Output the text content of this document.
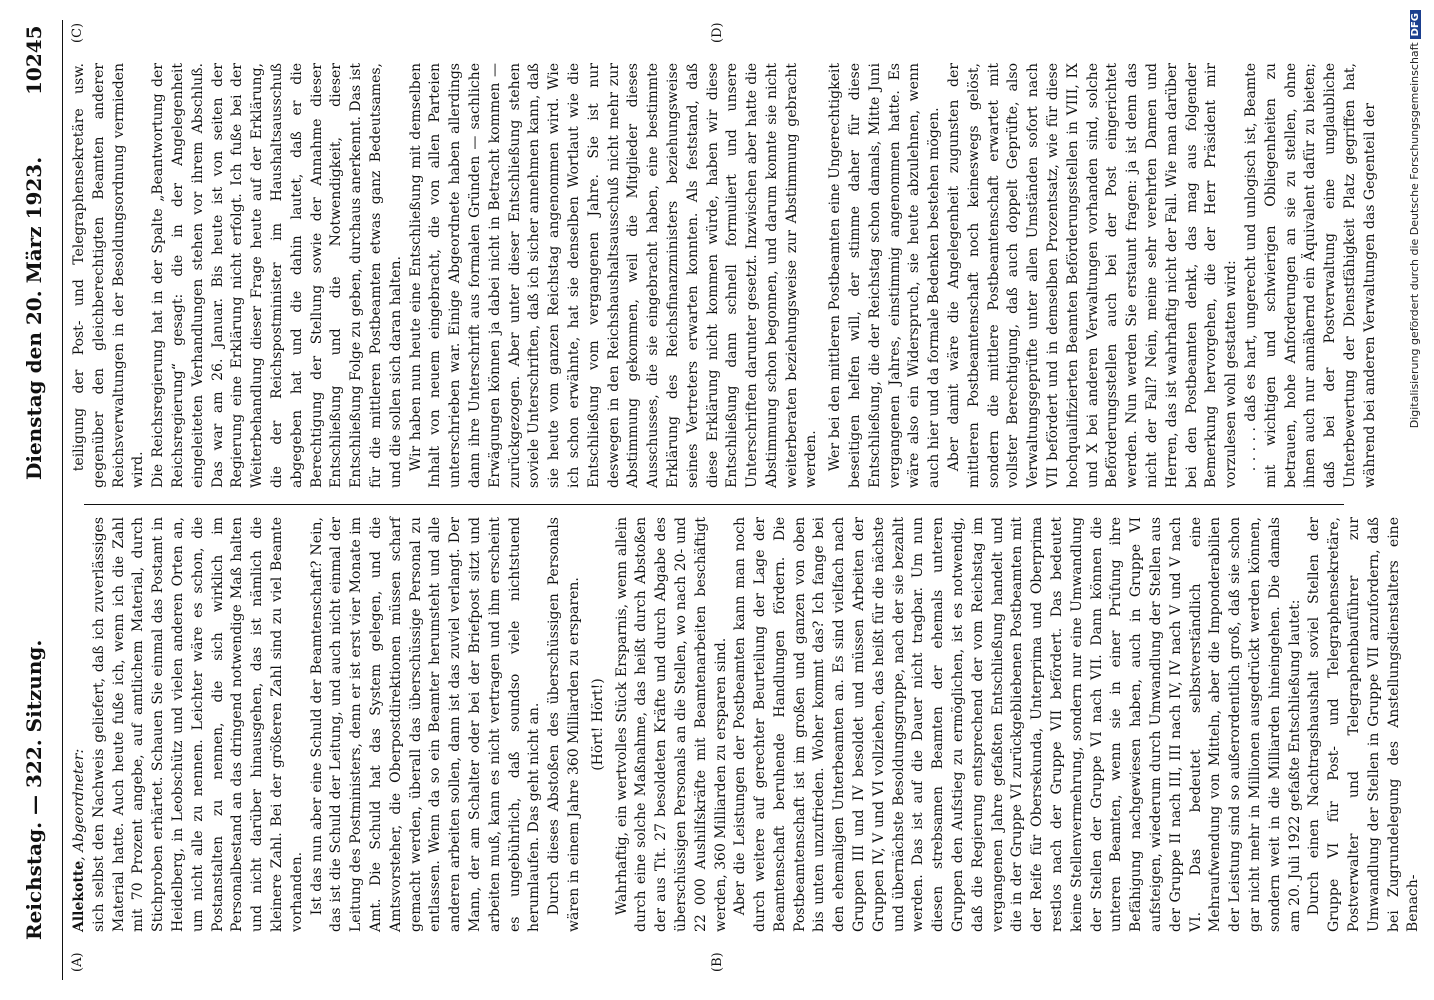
Reichstag. — 322. Sitzung.
Dienstag den 20. März 1923.
10245
(A)	(B)
(C)	(D)

Allekotte, Abgeordneter: sich selbst den Nachweis geliefert, daß ich zuverlässiges Material hatte. Auch heute fuße ich, wenn ich die Zahl mit 70 Prozent angebe, auf amtlichem Material, durch Stichproben erhärtet. Schauen Sie einmal das Postamt in Heidelberg, in Leobschütz und vielen anderen Orten an, um nicht alle zu nennen. Leichter wäre es schon, die Postanstalten zu nennen, die sich wirklich im Personalbestand an das dringend notwendige Maß halten und nicht darüber hinausgehen, das ist nämlich die kleinere Zahl. Bei der größeren Zahl sind zu viel Beamte vorhanden. Ist das nun aber eine Schuld der Beamtenschaft? Nein, das ist die Schuld der Leitung, und auch nicht einmal der Leitung des Postministers, denn er ist erst vier Monate im Amt. Die Schuld hat das System gelegen, und die Amtsvorsteher, die Oberpostdirektionen müssen scharf gemacht werden, überall das überschüssige Personal zu entlassen. Wenn da so ein Beamter herumsteht und alle anderen arbeiten sollen, dann ist das zuviel verlangt. Der Mann, der am Schalter oder bei der Briefpost sitzt und arbeiten muß, kann es nicht vertragen und ihm erscheint es ungebührlich, daß soundso viele nichtstuend herumlaufen. Das geht nicht an. Durch dieses Abstoßen des überschüssigen Personals wären in einem Jahre 360 Milliarden zu ersparen. (Hört! Hört!) Wahrhaftig, ein wertvolles Stück Ersparnis, wenn allein durch eine solche Maßnahme, das heißt durch Abstoßen der aus Tit. 27 besoldeten Kräfte und durch Abgabe des überschüssigen Personals an die Stellen, wo nach 20- und 22 000 Aushilfskräfte mit Beamtenarbeiten beschäftigt werden, 360 Milliarden zu ersparen sind. Aber die Leistungen der Postbeamten kann man noch durch weitere auf gerechter Beurteilung der Lage der Beamtenschaft beruhende Handlungen fördern. Die Postbeamtenschaft ist im großen und ganzen von oben bis unten unzufrieden. Woher kommt das? Ich fange bei den ehemaligen Unterbeamten an. Es sind vielfach nach Gruppen III und IV besoldet und müssen Arbeiten der Gruppen IV, V und VI vollziehen, das heißt für die nächste und übernächste Besoldungsgruppe, nach der sie bezahlt werden. Das ist auf die Dauer nicht tragbar. Um nun diesen strebsamen Beamten der ehemals unteren Gruppen den Aufstieg zu ermöglichen, ist es notwendig, daß die Regierung entsprechend der vom Reichstag im vergangenen Jahre gefaßten Entschließung handelt und die in der Gruppe VI zurückgebliebenen Postbeamten mit der Reife für Obersekunda, Unterprima und Oberprima restlos nach der Gruppe VII befördert. Das bedeutet keine Stellenvermehrung, sondern nur eine Umwandlung der Stellen der Gruppe VI nach VII. Dann können die unteren Beamten, wenn sie in einer Prüfung ihre Befähigung nachgewiesen haben, auch in Gruppe VI aufsteigen, wiederum durch Umwandlung der Stellen aus der Gruppe II nach III, III nach IV, IV nach V und V nach VI. Das bedeutet selbstverständlich eine Mehraufwendung von Mitteln, aber die Imponderabilien der Leistung sind so außerordentlich groß, daß sie schon gar nicht mehr in Millionen ausgedrückt werden können, sondern weit in die Milliarden hineingehen. Die damals am 20. Juli 1922 gefaßte Entschließung lautet: Durch einen Nachtragshaushalt soviel Stellen der Gruppe VI für Post- und Telegraphensekretäre, Postverwalter und Telegraphenbauführer zur Umwandlung der Stellen in Gruppe VII anzufordern, daß bei Zugrundelegung des Anstellungsdienstalters eine Benach-

teiligung der Post- und Telegraphensekretäre usw. gegenüber den gleichberechtigten Beamten anderer Reichsverwaltungen in der Besoldungsordnung vermieden wird. Die Reichsregierung hat in der Spalte „Beantwortung der Reichsregierung“ gesagt: die in der Angelegenheit eingeleiteten Verhandlungen stehen vor ihrem Abschluß. Das war am 26. Januar. Bis heute ist von seiten der Regierung eine Erklärung nicht erfolgt. Ich fuße bei der Weiterbehandlung dieser Frage heute auf der Erklärung, die der Reichspostminister im Haushaltsausschuß abgegeben hat und die dahin lautet, daß er die Berechtigung der Stellung sowie der Annahme dieser Entschließung und die Notwendigkeit, dieser Entschließung Folge zu geben, durchaus anerkennt. Das ist für die mittleren Postbeamten etwas ganz Bedeutsames, und die sollen sich daran halten. Wir haben nun heute eine Entschließung mit demselben Inhalt von neuem eingebracht, die von allen Parteien unterschrieben war. Einige Abgeordnete haben allerdings dann ihre Unterschrift aus formalen Gründen — sachliche Erwägungen können ja dabei nicht in Betracht kommen — zurückgezogen. Aber unter dieser Entschließung stehen soviele Unterschriften, daß ich sicher annehmen kann, daß sie heute vom ganzen Reichstag angenommen wird. Wie ich schon erwähnte, hat sie denselben Wortlaut wie die Entschließung vom vergangenen Jahre. Sie ist nur deswegen in den Reichshaushaltsausschuß nicht mehr zur Abstimmung gekommen, weil die Mitglieder dieses Ausschusses, die sie eingebracht haben, eine bestimmte Erklärung des Reichsfinanzministers beziehungsweise seines Vertreters erwarten konnten. Als feststand, daß diese Erklärung nicht kommen würde, haben wir diese Entschließung dann schnell formuliert und unsere Unterschriften darunter gesetzt. Inzwischen aber hatte die Abstimmung schon begonnen, und darum konnte sie nicht weiterberaten beziehungsweise zur Abstimmung gebracht werden. Wer bei den mittleren Postbeamten eine Ungerechtigkeit beseitigen helfen will, der stimme daher für diese Entschließung, die der Reichstag schon damals, Mitte Juni vergangenen Jahres, einstimmig angenommen hatte. Es wäre also ein Widerspruch, sie heute abzulehnen, wenn auch hier und da formale Bedenken bestehen mögen. Aber damit wäre die Angelegenheit zugunsten der mittleren Postbeamtenschaft noch keineswegs gelöst, sondern die mittlere Postbeamtenschaft erwartet mit vollster Berechtigung, daß auch doppelt Geprüfte, also Verwaltungsgeprüfte unter allen Umständen sofort nach VII befördert und in demselben Prozentsatz, wie für diese hochqualifizierten Beamten Beförderungsstellen in VIII, IX und X bei anderen Verwaltungen vorhanden sind, solche Beförderungsstellen auch bei der Post eingerichtet werden. Nun werden Sie erstaunt fragen: ja ist denn das nicht der Fall? Nein, meine sehr verehrten Damen und Herren, das ist wahrhaftig nicht der Fall. Wie man darüber bei den Postbeamten denkt, das mag aus folgender Bemerkung hervorgehen, die der Herr Präsident mir vorzulesen wohl gestatten wird: . . . . . daß es hart, ungerecht und unlogisch ist, Beamte mit wichtigen und schwierigen Obliegenheiten zu betrauen, hohe Anforderungen an sie zu stellen, ohne ihnen auch nur annähernd ein Äquivalent dafür zu bieten; daß bei der Postverwaltung eine unglaubliche Unterbewertung der Dienstfähigkeit Platz gegriffen hat, während bei anderen Verwaltungen das Gegenteil der	Digitalisierung gefördert durch die Deutsche ForschungsgemeinschaftDFG
